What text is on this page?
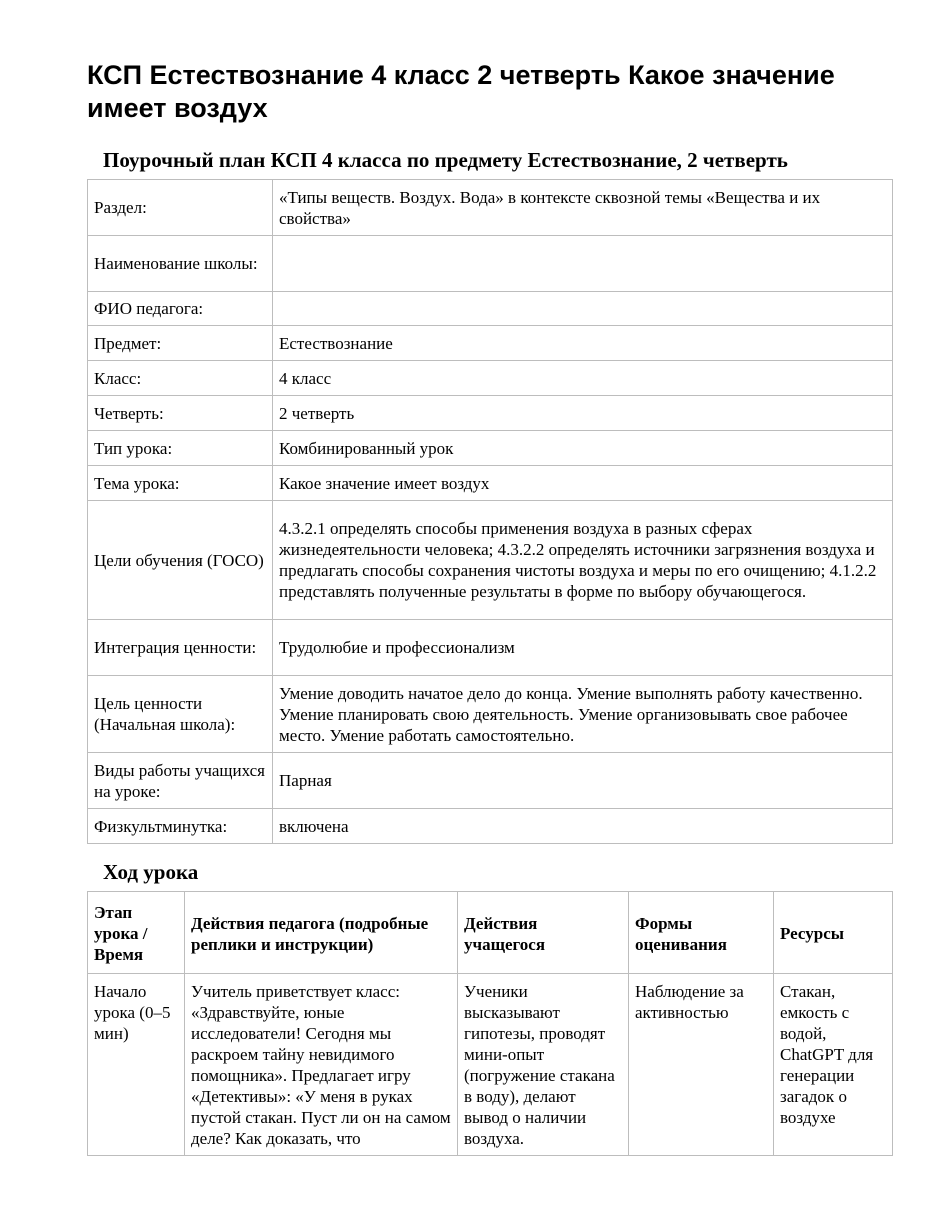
КСП Естествознание 4 класс 2 четверть Какое значение имеет воздух
Поурочный план КСП 4 класса по предмету Естествознание, 2 четверть
Раздел:	«Типы веществ. Воздух. Вода» в контексте сквозной темы «Вещества и их свойства»
Наименование школы:	
ФИО педагога:	
Предмет:	Естествознание
Класс:	4 класс
Четверть:	2 четверть
Тип урока:	Комбинированный урок
Тема урока:	Какое значение имеет воздух
Цели обучения (ГОСО)	4.3.2.1 определять способы применения воздуха в разных сферах жизнедеятельности человека; 4.3.2.2 определять источники загрязнения воздуха и предлагать способы сохранения чистоты воздуха и меры по его очищению; 4.1.2.2 представлять полученные результаты в форме по выбору обучающегося.
Интеграция ценности:	Трудолюбие и профессионализм
Цель ценности (Начальная школа):	Умение доводить начатое дело до конца. Умение выполнять работу качественно. Умение планировать свою деятельность. Умение организовывать свое рабочее место. Умение работать самостоятельно.
Виды работы учащихся на уроке:	Парная
Физкультминутка:	включена
Ход урока
Этап урока / Время	Действия педагога (подробные реплики и инструкции)	Действия учащегося	Формы оценивания	Ресурсы
Начало урока (0–5 мин)	Учитель приветствует класс: «Здравствуйте, юные исследователи! Сегодня мы раскроем тайну невидимого помощника». Предлагает игру «Детективы»: «У меня в руках пустой стакан. Пуст ли он на самом деле? Как доказать, что	Ученики высказывают гипотезы, проводят мини-опыт (погружение стакана в воду), делают вывод о наличии воздуха.	Наблюдение за активностью	Стакан, емкость с водой, ChatGPT для генерации загадок о воздухе
